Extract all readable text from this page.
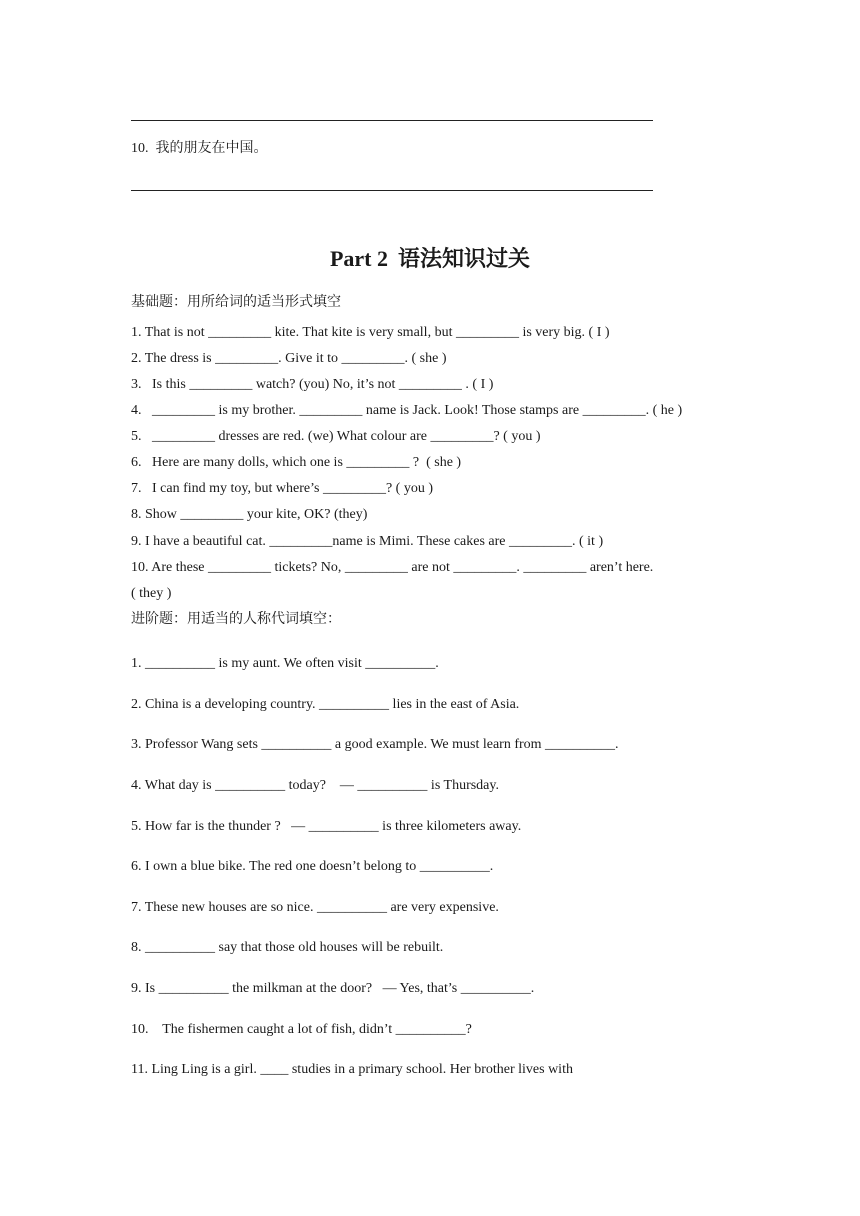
10.  我的朋友在中国。
Part 2 语法知识过关
基础题：用所给词的适当形式填空
1. That is not _________ kite. That kite is very small, but _________ is very big. ( I )
2. The dress is _________. Give it to _________. ( she )
3.   Is this _________ watch? (you) No, it’s not _________ . ( I )
4.   _________ is my brother. _________ name is Jack. Look! Those stamps are _________. ( he )
5.   _________ dresses are red. (we) What colour are _________? ( you )
6.   Here are many dolls, which one is _________ ?  ( she )
7.   I can find my toy, but where’s _________? ( you )
8. Show _________ your kite, OK? (they)
9. I have a beautiful cat. _________name is Mimi. These cakes are _________. ( it )
10. Are these _________ tickets? No, _________ are not _________. _________ aren’t here.
( they )
进阶题：用适当的人称代词填空：
1. __________ is my aunt. We often visit __________.
2. China is a developing country. __________ lies in the east of Asia.
3. Professor Wang sets __________ a good example. We must learn from __________.
4. What day is __________ today?    — __________ is Thursday.
5. How far is the thunder ?   — __________ is three kilometers away.
6. I own a blue bike. The red one doesn’t belong to __________.
7. These new houses are so nice. __________ are very expensive.
8. __________ say that those old houses will be rebuilt.
9. Is __________ the milkman at the door?   — Yes, that’s __________.
10.    The fishermen caught a lot of fish, didn’t __________?
11. Ling Ling is a girl. ____ studies in a primary school. Her brother lives with
